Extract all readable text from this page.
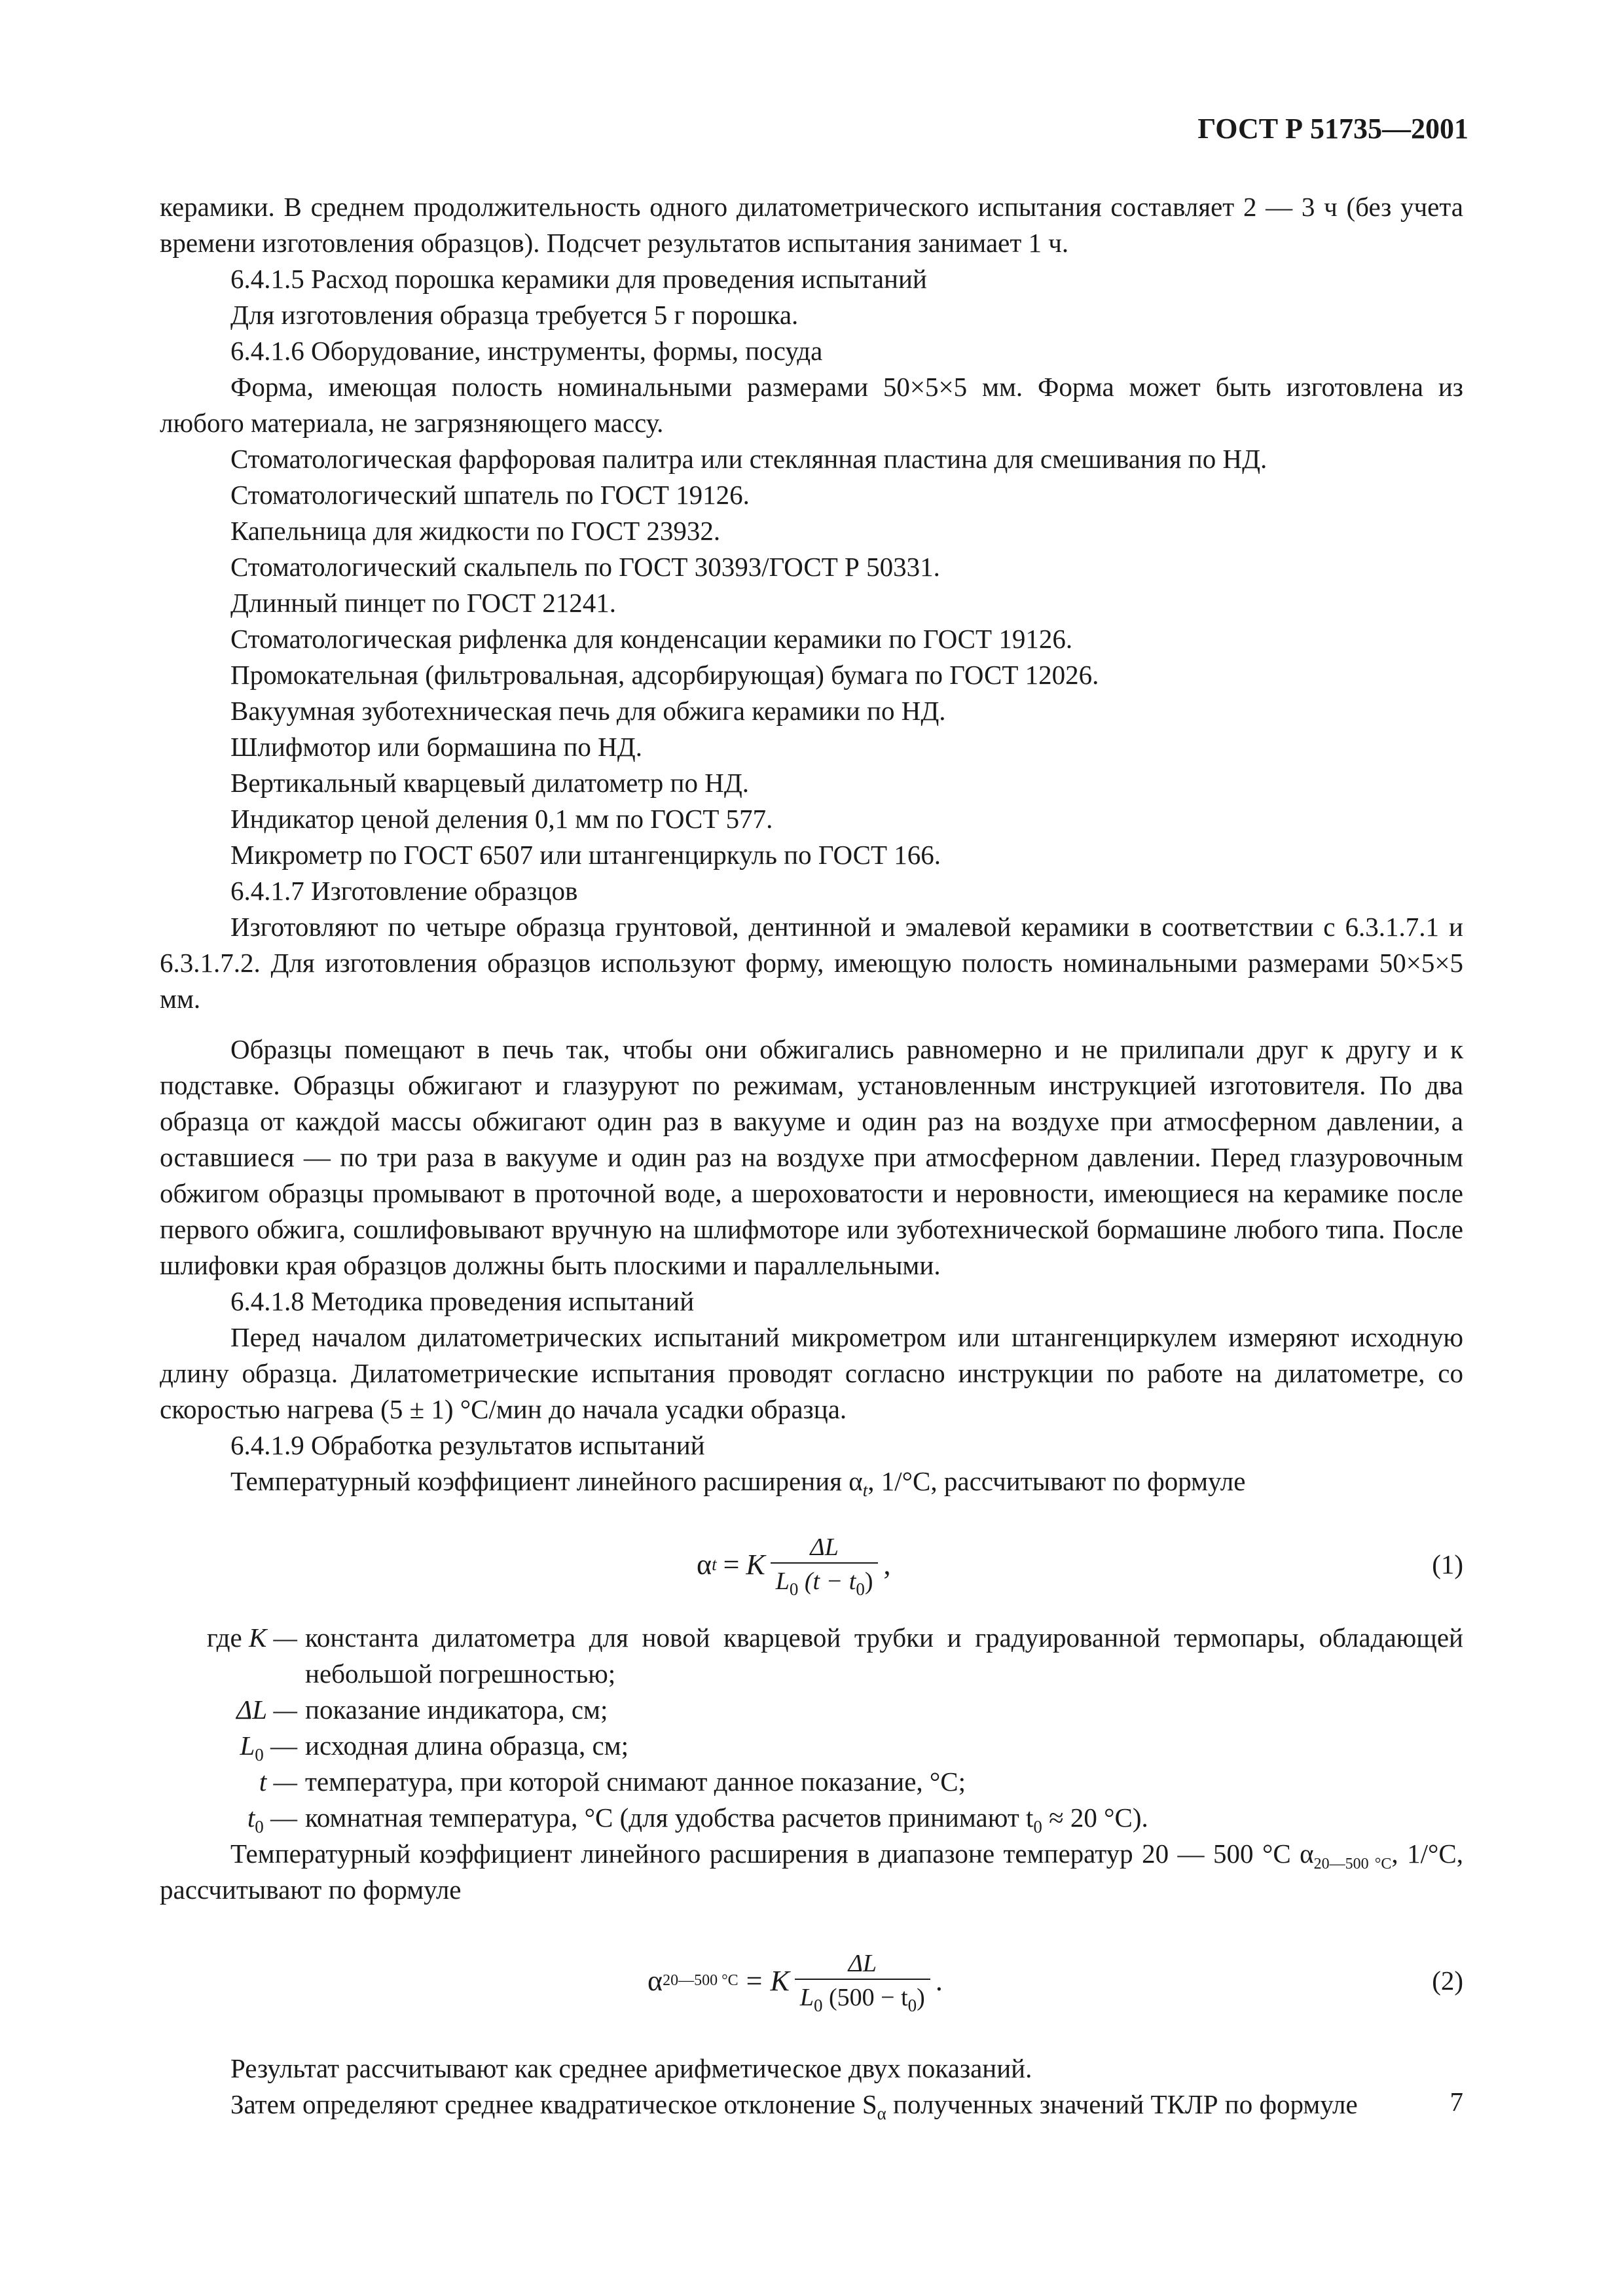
ГОСТ Р 51735—2001

керамики. В среднем продолжительность одного дилатометрического испытания составляет 2 — 3 ч (без учета времени изготовления образцов). Подсчет результатов испытания занимает 1 ч.

6.4.1.5 Расход порошка керамики для проведения испытаний

Для изготовления образца требуется 5 г порошка.

6.4.1.6 Оборудование, инструменты, формы, посуда

Форма, имеющая полость номинальными размерами 50×5×5 мм. Форма может быть изготовлена из любого материала, не загрязняющего массу.

Стоматологическая фарфоровая палитра или стеклянная пластина для смешивания по НД.

Стоматологический шпатель по ГОСТ 19126.

Капельница для жидкости по ГОСТ 23932.

Стоматологический скальпель по ГОСТ 30393/ГОСТ Р 50331.

Длинный пинцет по ГОСТ 21241.

Стоматологическая рифленка для конденсации керамики по ГОСТ 19126.

Промокательная (фильтровальная, адсорбирующая) бумага по ГОСТ 12026.

Вакуумная зуботехническая печь для обжига керамики по НД.

Шлифмотор или бормашина по НД.

Вертикальный кварцевый дилатометр по НД.

Индикатор ценой деления 0,1 мм по ГОСТ 577.

Микрометр по ГОСТ 6507 или штангенциркуль по ГОСТ 166.

6.4.1.7 Изготовление образцов

Изготовляют по четыре образца грунтовой, дентинной и эмалевой керамики в соответствии с 6.3.1.7.1 и 6.3.1.7.2. Для изготовления образцов используют форму, имеющую полость номинальными размерами 50×5×5 мм.

Образцы помещают в печь так, чтобы они обжигались равномерно и не прилипали друг к другу и к подставке. Образцы обжигают и глазуруют по режимам, установленным инструкцией изготовителя. По два образца от каждой массы обжигают один раз в вакууме и один раз на воздухе при атмосферном давлении, а оставшиеся — по три раза в вакууме и один раз на воздухе при атмосферном давлении. Перед глазуровочным обжигом образцы промывают в проточной воде, а шероховатости и неровности, имеющиеся на керамике после первого обжига, сошлифовывают вручную на шлифмоторе или зуботехнической бормашине любого типа. После шлифовки края образцов должны быть плоскими и параллельными.

6.4.1.8 Методика проведения испытаний

Перед началом дилатометрических испытаний микрометром или штангенциркулем измеряют исходную длину образца. Дилатометрические испытания проводят согласно инструкции по работе на дилатометре, со скоростью нагрева (5 ± 1) °С/мин до начала усадки образца.

6.4.1.9 Обработка результатов испытаний

Температурный коэффициент линейного расширения $\alpha_t$, 1/°С, рассчитывают по формуле

α t = K $\frac{\Delta L}{L_0 (t - t_0)}$ ,	(1)
где K — константа дилатометра для новой кварцевой трубки и градуированной термопары, обладающей небольшой погрешностью;
ΔL — показание индикатора, см;
$L_0$ — исходная длина образца, см;
t — температура, при которой снимают данное показание, °С;
$t_0$ — комнатная температура, °С (для удобства расчетов принимают $t_0 \approx 20$ °С).

Температурный коэффициент линейного расширения в диапазоне температур 20 — 500 °С $\alpha_{20—500 ^\circ С}$, 1/°С, рассчитывают по формуле

α 20—500 °С = K $\frac{\Delta L}{L_0 (500 - t_0)}$ .	(2)

Результат рассчитывают как среднее арифметическое двух показаний.

Затем определяют среднее квадратическое отклонение $S_\alpha$ полученных значений ТКЛР по формуле	7
